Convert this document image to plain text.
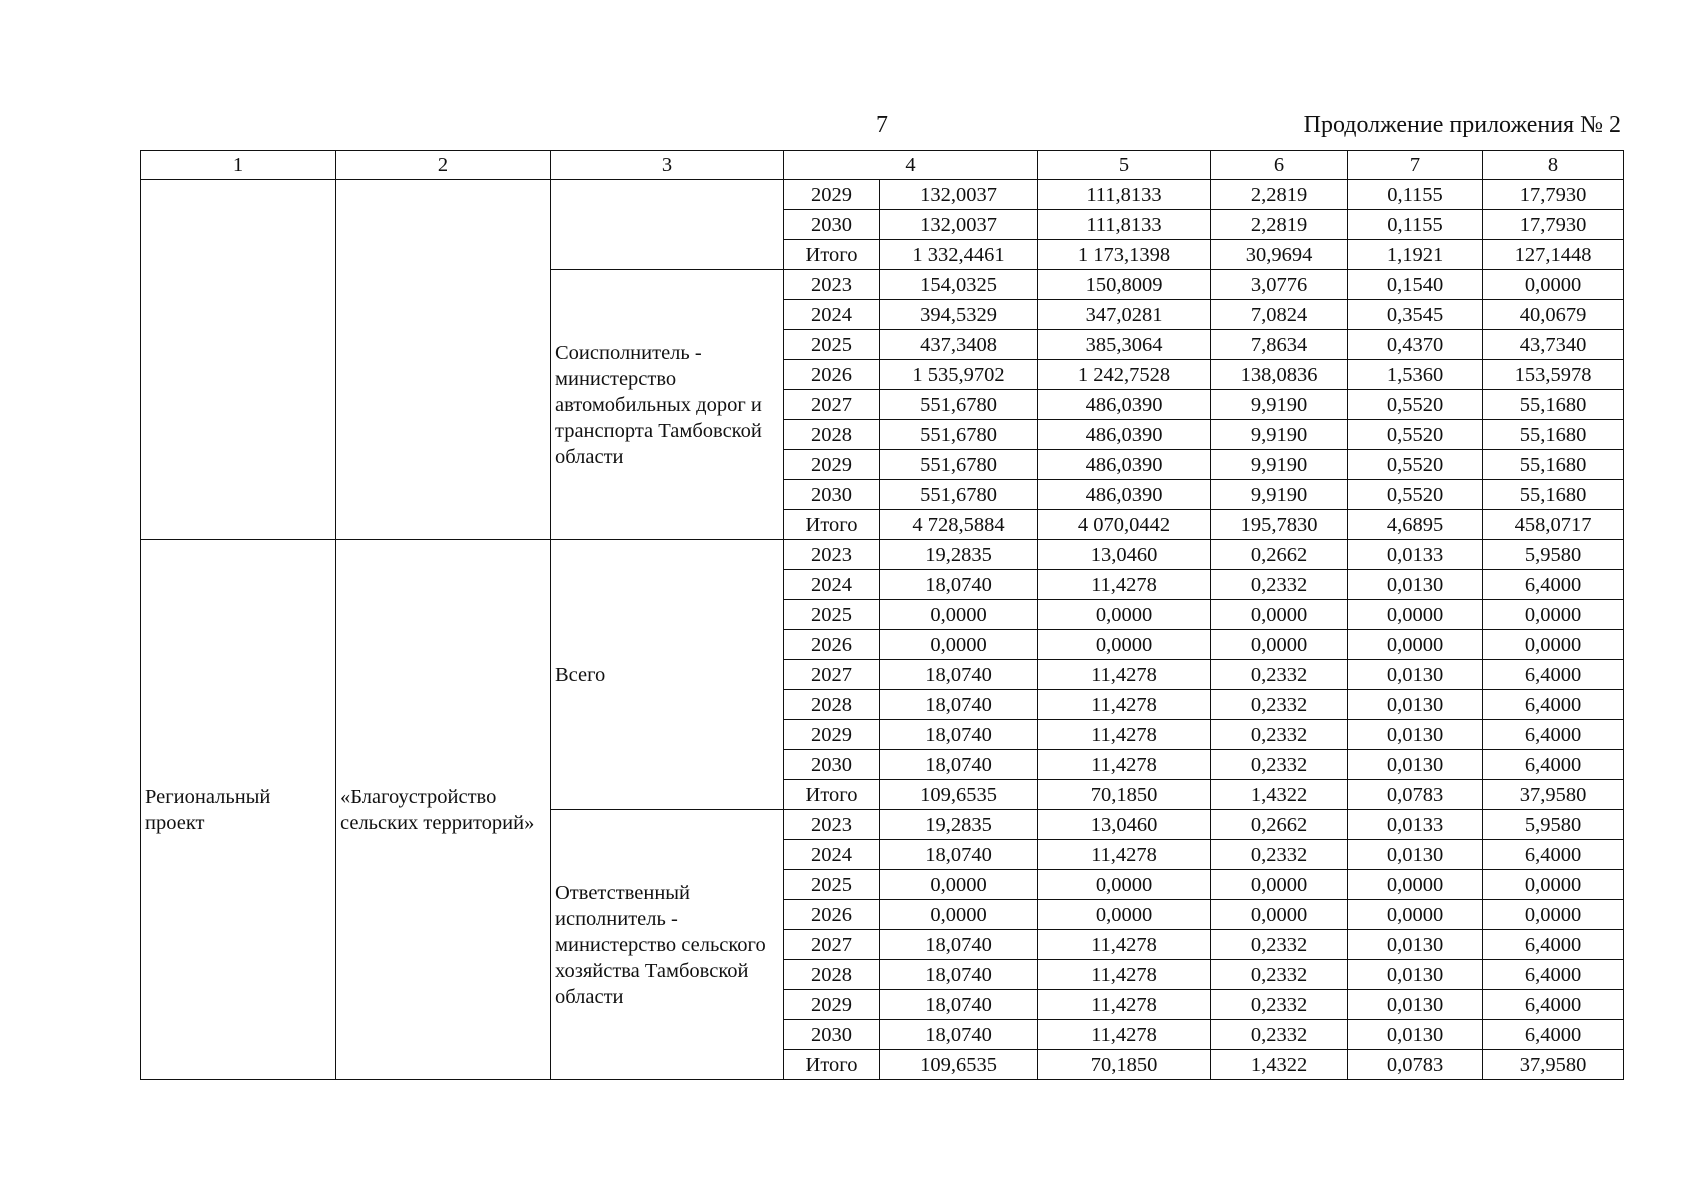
7	Продолжение приложения № 2
1	2	3	4		5	6	7	8
			2029	132,0037	111,8133	2,2819	0,1155	17,7930
			2030	132,0037	111,8133	2,2819	0,1155	17,7930
			Итого	1 332,4461	1 173,1398	30,9694	1,1921	127,1448
		Соисполнитель - министерство автомобильных дорог и транспорта Тамбовской области	2023	154,0325	150,8009	3,0776	0,1540	0,0000
			2024	394,5329	347,0281	7,0824	0,3545	40,0679
			2025	437,3408	385,3064	7,8634	0,4370	43,7340
			2026	1 535,9702	1 242,7528	138,0836	1,5360	153,5978
			2027	551,6780	486,0390	9,9190	0,5520	55,1680
			2028	551,6780	486,0390	9,9190	0,5520	55,1680
			2029	551,6780	486,0390	9,9190	0,5520	55,1680
			2030	551,6780	486,0390	9,9190	0,5520	55,1680
			Итого	4 728,5884	4 070,0442	195,7830	4,6895	458,0717
Региональный проект	«Благоустройство сельских территорий»	Всего	2023	19,2835	13,0460	0,2662	0,0133	5,9580
			2024	18,0740	11,4278	0,2332	0,0130	6,4000
			2025	0,0000	0,0000	0,0000	0,0000	0,0000
			2026	0,0000	0,0000	0,0000	0,0000	0,0000
			2027	18,0740	11,4278	0,2332	0,0130	6,4000
			2028	18,0740	11,4278	0,2332	0,0130	6,4000
			2029	18,0740	11,4278	0,2332	0,0130	6,4000
			2030	18,0740	11,4278	0,2332	0,0130	6,4000
			Итого	109,6535	70,1850	1,4322	0,0783	37,9580
		Ответственный исполнитель - министерство сельского хозяйства Тамбовской области	2023	19,2835	13,0460	0,2662	0,0133	5,9580
			2024	18,0740	11,4278	0,2332	0,0130	6,4000
			2025	0,0000	0,0000	0,0000	0,0000	0,0000
			2026	0,0000	0,0000	0,0000	0,0000	0,0000
			2027	18,0740	11,4278	0,2332	0,0130	6,4000
			2028	18,0740	11,4278	0,2332	0,0130	6,4000
			2029	18,0740	11,4278	0,2332	0,0130	6,4000
			2030	18,0740	11,4278	0,2332	0,0130	6,4000
			Итого	109,6535	70,1850	1,4322	0,0783	37,9580
